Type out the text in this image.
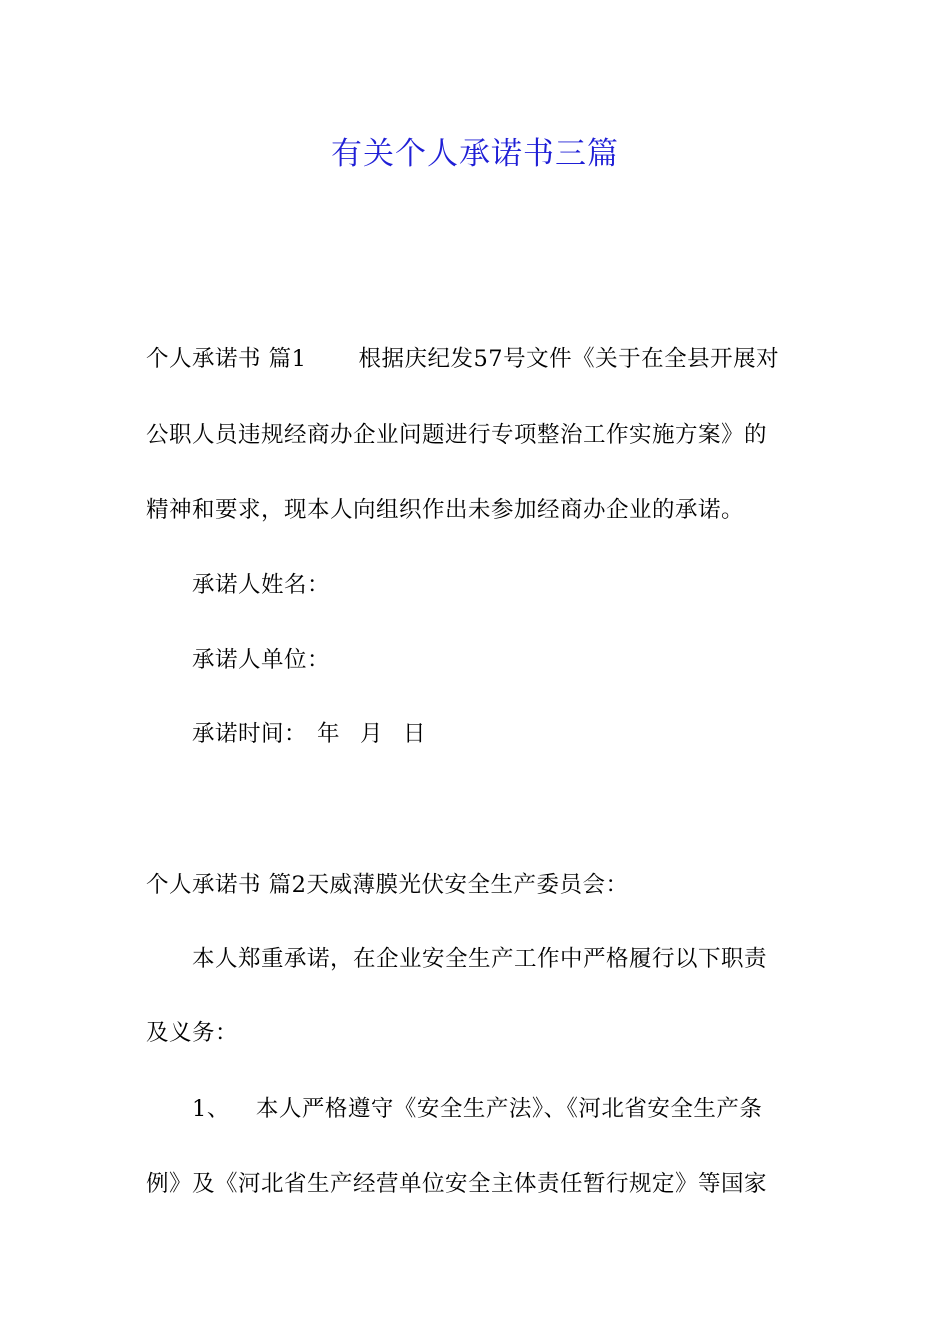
有关个人承诺书三篇

个人承诺书 篇1 根据庆纪发57号文件《关于在全县开展对

公职人员违规经商办企业问题进行专项整治工作实施方案》的

精神和要求，现本人向组织作出未参加经商办企业的承诺。

承诺人姓名：

承诺人单位：

承诺时间： 年 月 日

个人承诺书 篇2天威薄膜光伏安全生产委员会：

本人郑重承诺，在企业安全生产工作中严格履行以下职责

及义务：

1、 本人严格遵守《安全生产法》、《河北省安全生产条

例》及《河北省生产经营单位安全主体责任暂行规定》等国家
